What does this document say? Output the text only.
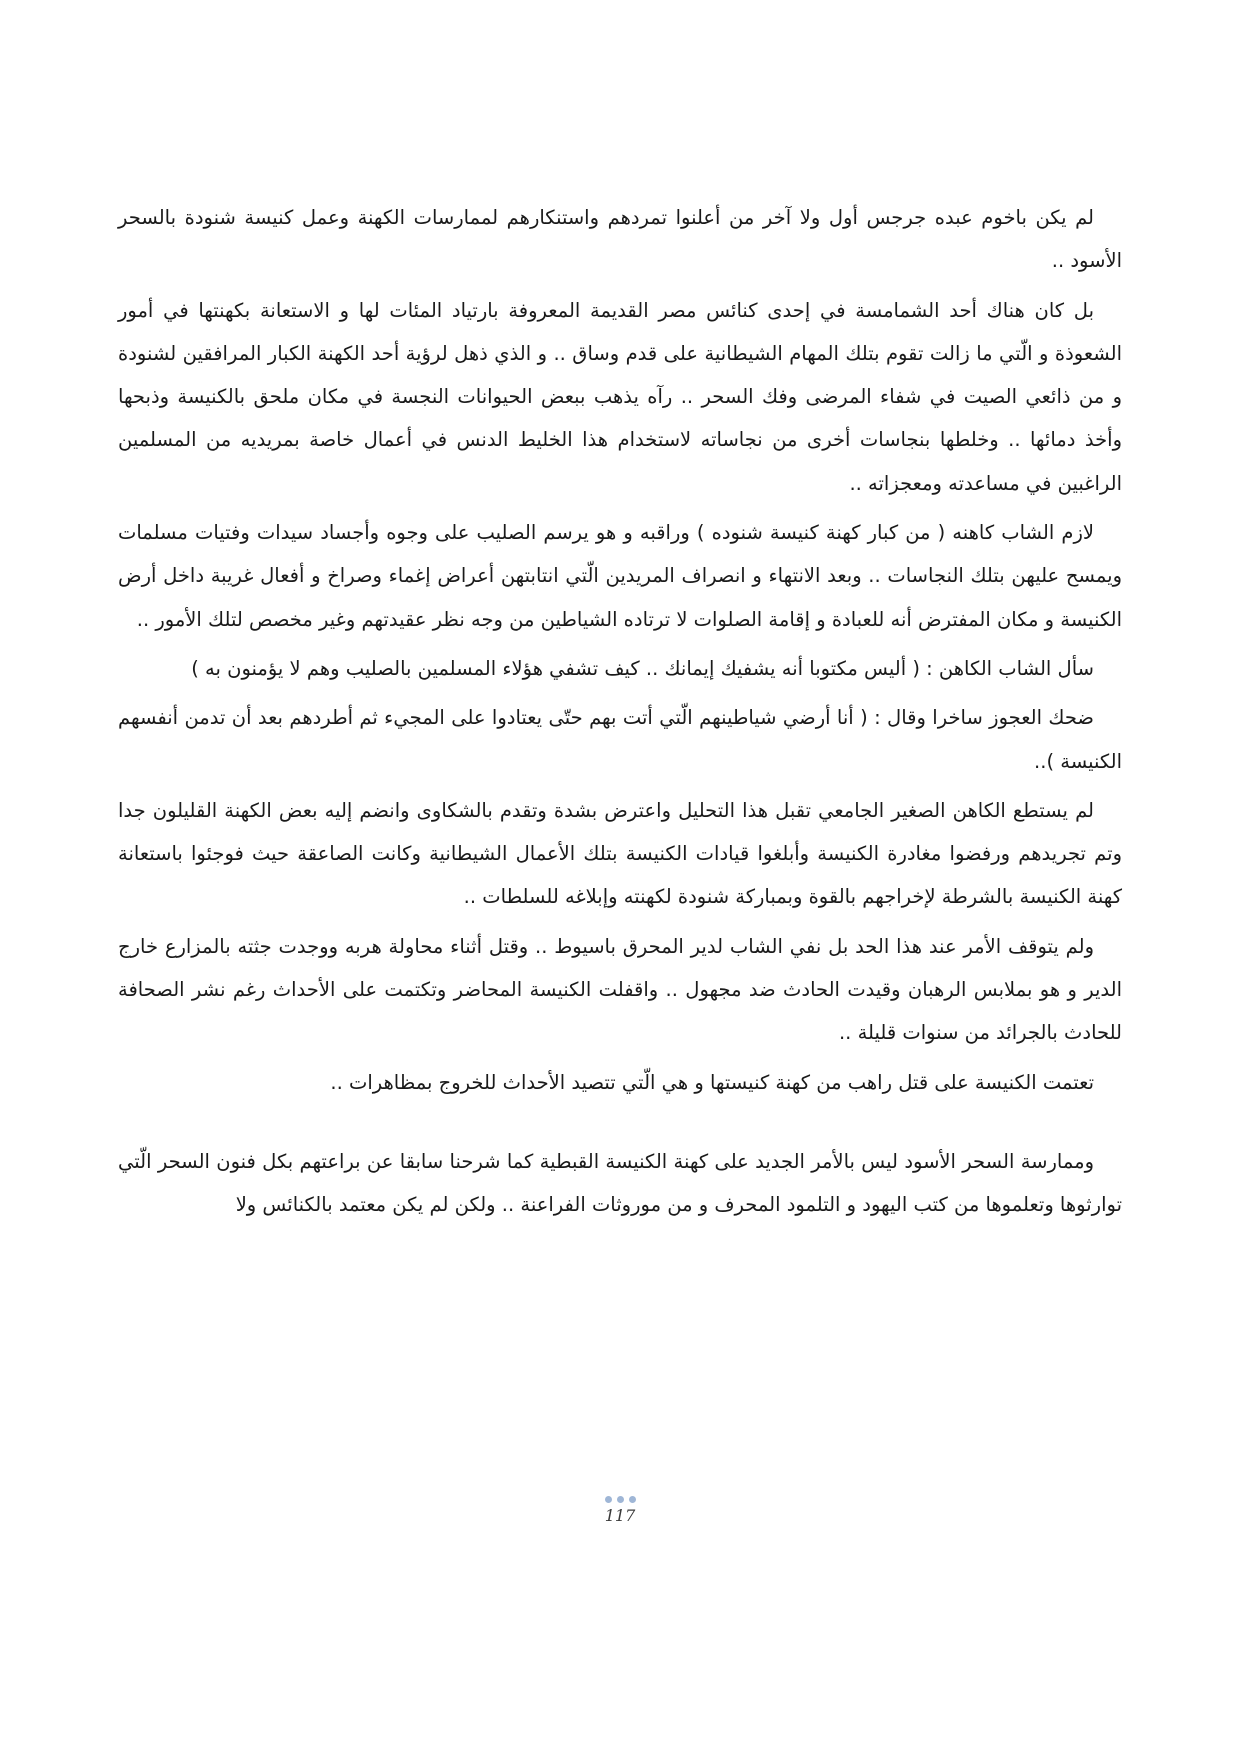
لم يكن باخوم عبده جرجس أول ولا آخر من أعلنوا تمردهم واستنكارهم لممارسات الكهنة وعمل كنيسة شنودة بالسحر الأسود ..

بل كان هناك أحد الشمامسة في إحدى كنائس مصر القديمة المعروفة بارتياد المئات لها و الاستعانة بكهنتها في أمور الشعوذة و الّتي ما زالت تقوم بتلك المهام الشيطانية على قدم وساق .. و الذي ذهل لرؤية أحد الكهنة الكبار المرافقين لشنودة و من ذائعي الصيت في شفاء المرضى وفك السحر .. رآه يذهب ببعض الحيوانات النجسة في مكان ملحق بالكنيسة وذبحها وأخذ دمائها .. وخلطها بنجاسات أخرى من نجاساته لاستخدام هذا الخليط الدنس في أعمال خاصة بمريديه من المسلمين الراغبين في مساعدته ومعجزاته ..

لازم الشاب كاهنه ( من كبار كهنة كنيسة شنوده ) وراقبه و هو يرسم الصليب على وجوه وأجساد سيدات وفتيات مسلمات ويمسح عليهن بتلك النجاسات .. وبعد الانتهاء و انصراف المريدين الّتي انتابتهن أعراض إغماء وصراخ و أفعال غريبة داخل أرض الكنيسة و مكان المفترض أنه للعبادة و إقامة الصلوات لا ترتاده الشياطين من وجه نظر عقيدتهم وغير مخصص لتلك الأمور ..

سأل الشاب الكاهن : ( أليس مكتوبا أنه يشفيك إيمانك .. كيف تشفي هؤلاء المسلمين بالصليب وهم لا يؤمنون به )

ضحك العجوز ساخرا وقال : ( أنا أرضي شياطينهم الّتي أتت بهم حتّى يعتادوا على المجيء ثم أطردهم بعد أن تدمن أنفسهم الكنيسة )..

لم يستطع الكاهن الصغير الجامعي تقبل هذا التحليل واعترض بشدة وتقدم بالشكاوى وانضم إليه بعض الكهنة القليلون جدا وتم تجريدهم ورفضوا مغادرة الكنيسة وأبلغوا قيادات الكنيسة بتلك الأعمال الشيطانية وكانت الصاعقة حيث فوجئوا باستعانة كهنة الكنيسة بالشرطة لإخراجهم بالقوة وبمباركة شنودة لكهنته وإبلاغه للسلطات ..

ولم يتوقف الأمر عند هذا الحد بل نفي الشاب لدير المحرق باسيوط .. وقتل أثناء محاولة هربه ووجدت جثته بالمزارع خارج الدير و هو بملابس الرهبان وقيدت الحادث ضد مجهول .. واقفلت الكنيسة المحاضر وتكتمت على الأحداث رغم نشر الصحافة للحادث بالجرائد من سنوات قليلة ..

تعتمت الكنيسة على قتل راهب من كهنة كنيستها و هي الّتي تتصيد الأحداث للخروج بمظاهرات ..

وممارسة السحر الأسود ليس بالأمر الجديد على كهنة الكنيسة القبطية كما شرحنا سابقا عن براعتهم بكل فنون السحر الّتي توارثوها وتعلموها من كتب اليهود و التلمود المحرف و من موروثات الفراعنة .. ولكن لم يكن معتمد بالكنائس ولا

117
